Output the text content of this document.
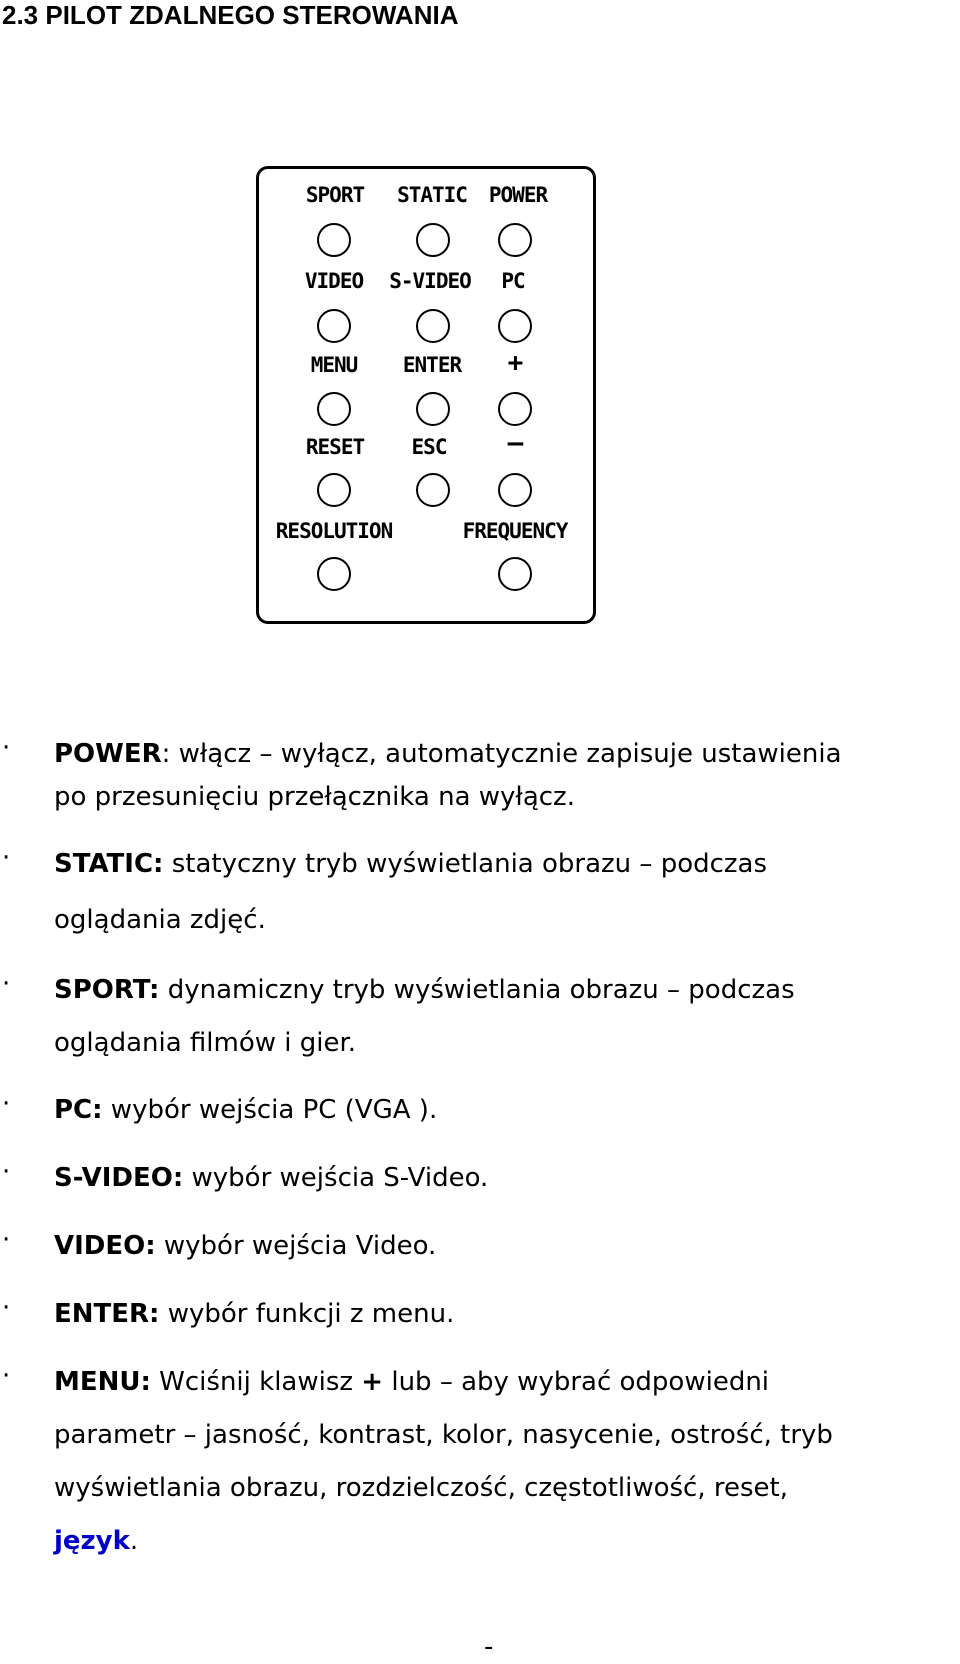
2.3 PILOT ZDALNEGO STEROWANIA
SPORT STATIC POWER
VIDEO S-VIDEO PC
MENU ENTER +
RESET ESC –
RESOLUTION	FREQUENCY
· POWER: włącz – wyłącz, automatycznie zapisuje ustawienia
po przesunięciu przełącznika na wyłącz.
· STATIC: statyczny tryb wyświetlania obrazu – podczas
oglądania zdjęć.
· SPORT: dynamiczny tryb wyświetlania obrazu – podczas
oglądania filmów i gier.
· PC: wybór wejścia PC (VGA ).
· S-VIDEO: wybór wejścia S-Video.
· VIDEO: wybór wejścia Video.
· ENTER: wybór funkcji z menu.
· MENU: Wciśnij klawisz + lub – aby wybrać odpowiedni
parametr – jasność, kontrast, kolor, nasycenie, ostrość, tryb
wyświetlania obrazu, rozdzielczość, częstotliwość, reset,
język.
-
